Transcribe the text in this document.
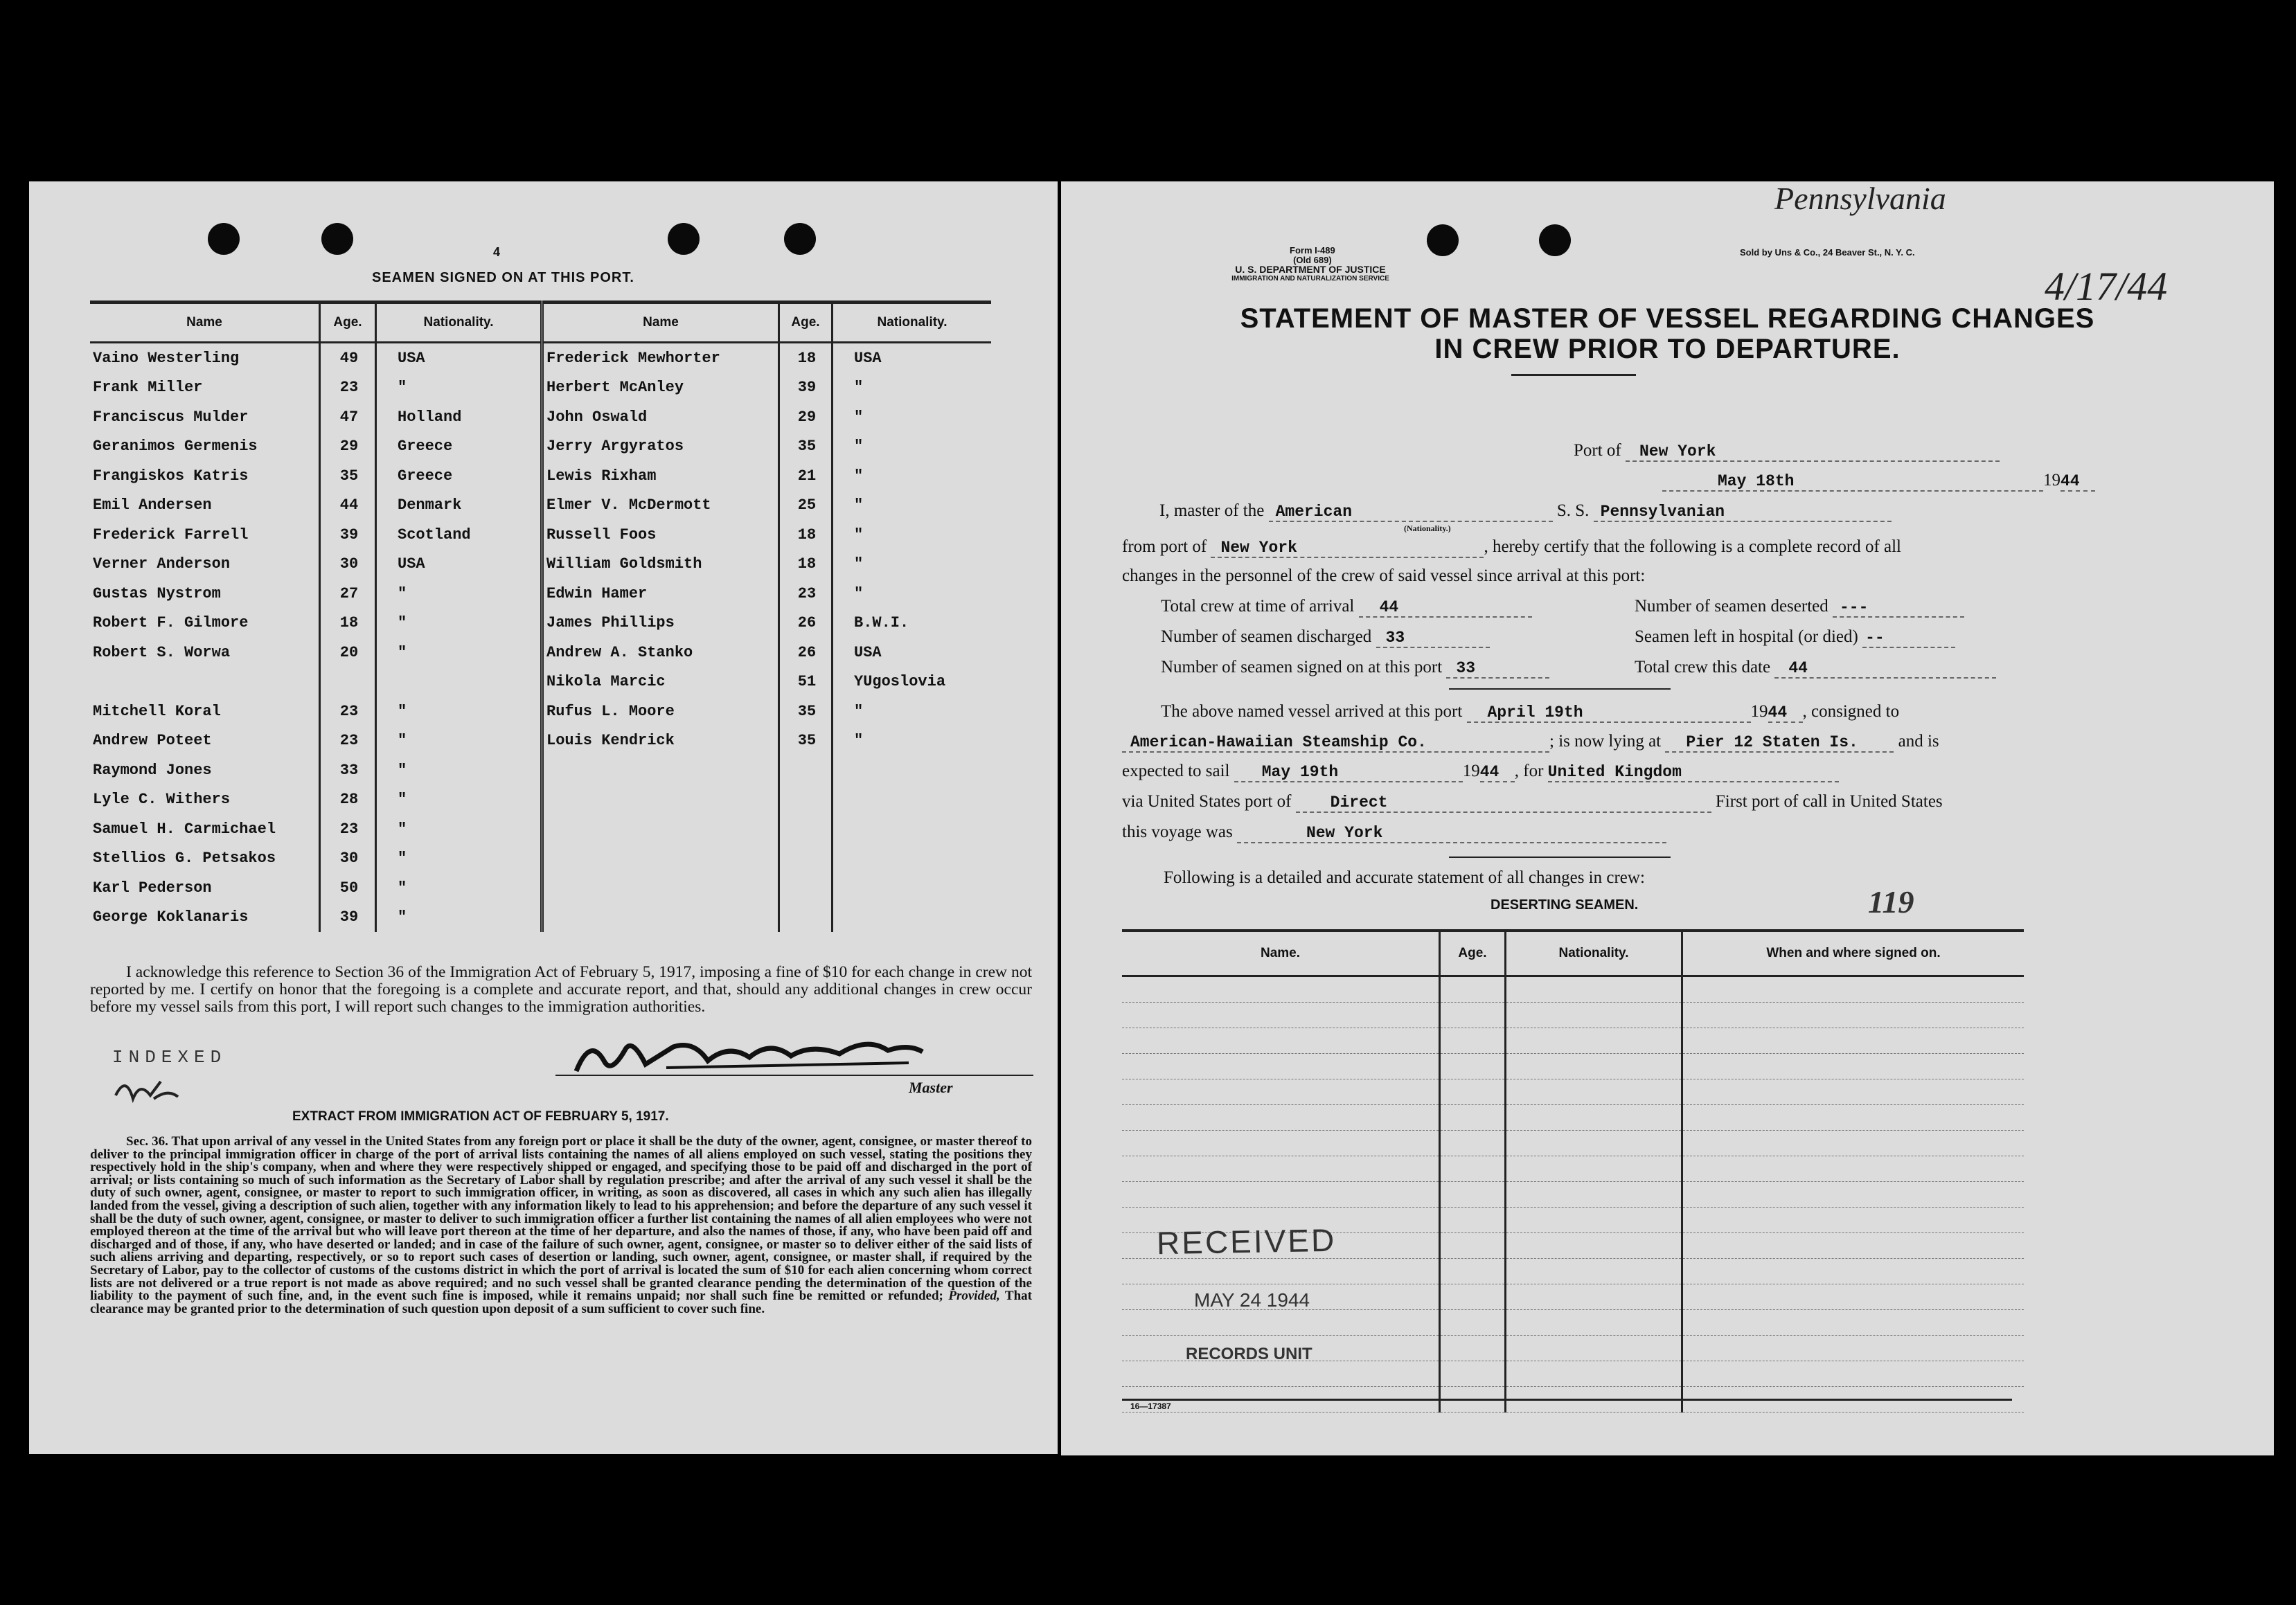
4
SEAMEN SIGNED ON AT THIS PORT.
Name	Age.	Nationality.	Name	Age.	Nationality.
Vaino Westerling	49	USA	Frederick Mewhorter	18	USA
Frank Miller	23	"	Herbert McAnley	39	"
Franciscus Mulder	47	Holland	John Oswald	29	"
Geranimos Germenis	29	Greece	Jerry Argyratos	35	"
Frangiskos Katris	35	Greece	Lewis Rixham	21	"
Emil Andersen	44	Denmark	Elmer V. McDermott	25	"
Frederick Farrell	39	Scotland	Russell Foos	18	"
Verner Anderson	30	USA	William Goldsmith	18	"
Gustas Nystrom	27	"	Edwin Hamer	23	"
Robert F. Gilmore	18	"	James Phillips	26	B.W.I.
Robert S. Worwa	20	"	Andrew A. Stanko	26	USA
			Nikola Marcic	51	YUgoslovia
Mitchell Koral	23	"	Rufus L. Moore	35	"
Andrew Poteet	23	"	Louis Kendrick	35	"
Raymond Jones	33	"			
Lyle C. Withers	28	"			
Samuel H. Carmichael	23	"			
Stellios G. Petsakos	30	"			
Karl Pederson	50	"			
George Koklanaris	39	"			
I acknowledge this reference to Section 36 of the Immigration Act of February 5, 1917, imposing a fine of $10 for each change in crew not reported by me. I certify on honor that the foregoing is a complete and accurate report, and that, should any additional changes in crew occur before my vessel sails from this port, I will report such changes to the immigration authorities.
INDEXED
Master
EXTRACT FROM IMMIGRATION ACT OF FEBRUARY 5, 1917.
Sec. 36. That upon arrival of any vessel in the United States from any foreign port or place it shall be the duty of the owner, agent, consignee, or master thereof to deliver to the principal immigration officer in charge of the port of arrival lists containing the names of all aliens employed on such vessel, stating the positions they respectively hold in the ship's company, when and where they were respectively shipped or engaged, and specifying those to be paid off and discharged in the port of arrival; or lists containing so much of such information as the Secretary of Labor shall by regulation prescribe; and after the arrival of any such vessel it shall be the duty of such owner, agent, consignee, or master to report to such immigration officer, in writing, as soon as discovered, all cases in which any such alien has illegally landed from the vessel, giving a description of such alien, together with any information likely to lead to his apprehension; and before the departure of any such vessel it shall be the duty of such owner, agent, consignee, or master to deliver to such immigration officer a further list containing the names of all alien employees who were not employed thereon at the time of the arrival but who will leave port thereon at the time of her departure, and also the names of those, if any, who have been paid off and discharged and of those, if any, who have deserted or landed; and in case of the failure of such owner, agent, consignee, or master so to deliver either of the said lists of such aliens arriving and departing, respectively, or so to report such cases of desertion or landing, such owner, agent, consignee, or master shall, if required by the Secretary of Labor, pay to the collector of customs of the customs district in which the port of arrival is located the sum of $10 for each alien concerning whom correct lists are not delivered or a true report is not made as above required; and no such vessel shall be granted clearance pending the determination of the question of the liability to the payment of such fine, and, in the event such fine is imposed, while it remains unpaid; nor shall such fine be remitted or refunded; Provided, That clearance may be granted prior to the determination of such question upon deposit of a sum sufficient to cover such fine.
Pennsylvania
4/17/44
Form I-489
(Old 689)
U. S. DEPARTMENT OF JUSTICE
IMMIGRATION AND NATURALIZATION SERVICE
Sold by Uns & Co., 24 Beaver St., N. Y. C.
STATEMENT OF MASTER OF VESSEL REGARDING CHANGES
IN CREW PRIOR TO DEPARTURE.
Port of New York
May 18th	1944
I, master of the American	S. S. Pennsylvanian
(Nationality.)
from port of New York	, hereby certify that the following is a complete record of all
changes in the personnel of the crew of said vessel since arrival at this port:
Total crew at time of arrival 44	Number of seamen deserted ---
Number of seamen discharged 33	Seamen left in hospital (or died) --
Number of seamen signed on at this port 33	Total crew this date 44
The above named vessel arrived at this port April 19th	1944 , consigned to
American-Hawaiian Steamship Co.	; is now lying at Pier 12 Staten Is. and is
expected to sail May 19th	1944 , for United Kingdom
via United States port of Direct	First port of call in United States
this voyage was	New York
Following is a detailed and accurate statement of all changes in crew:
DESERTING SEAMEN.	119
Name.	Age.	Nationality.	When and where signed on.

RECEIVED
MAY 24 1944
RECORDS UNIT
16—17387
